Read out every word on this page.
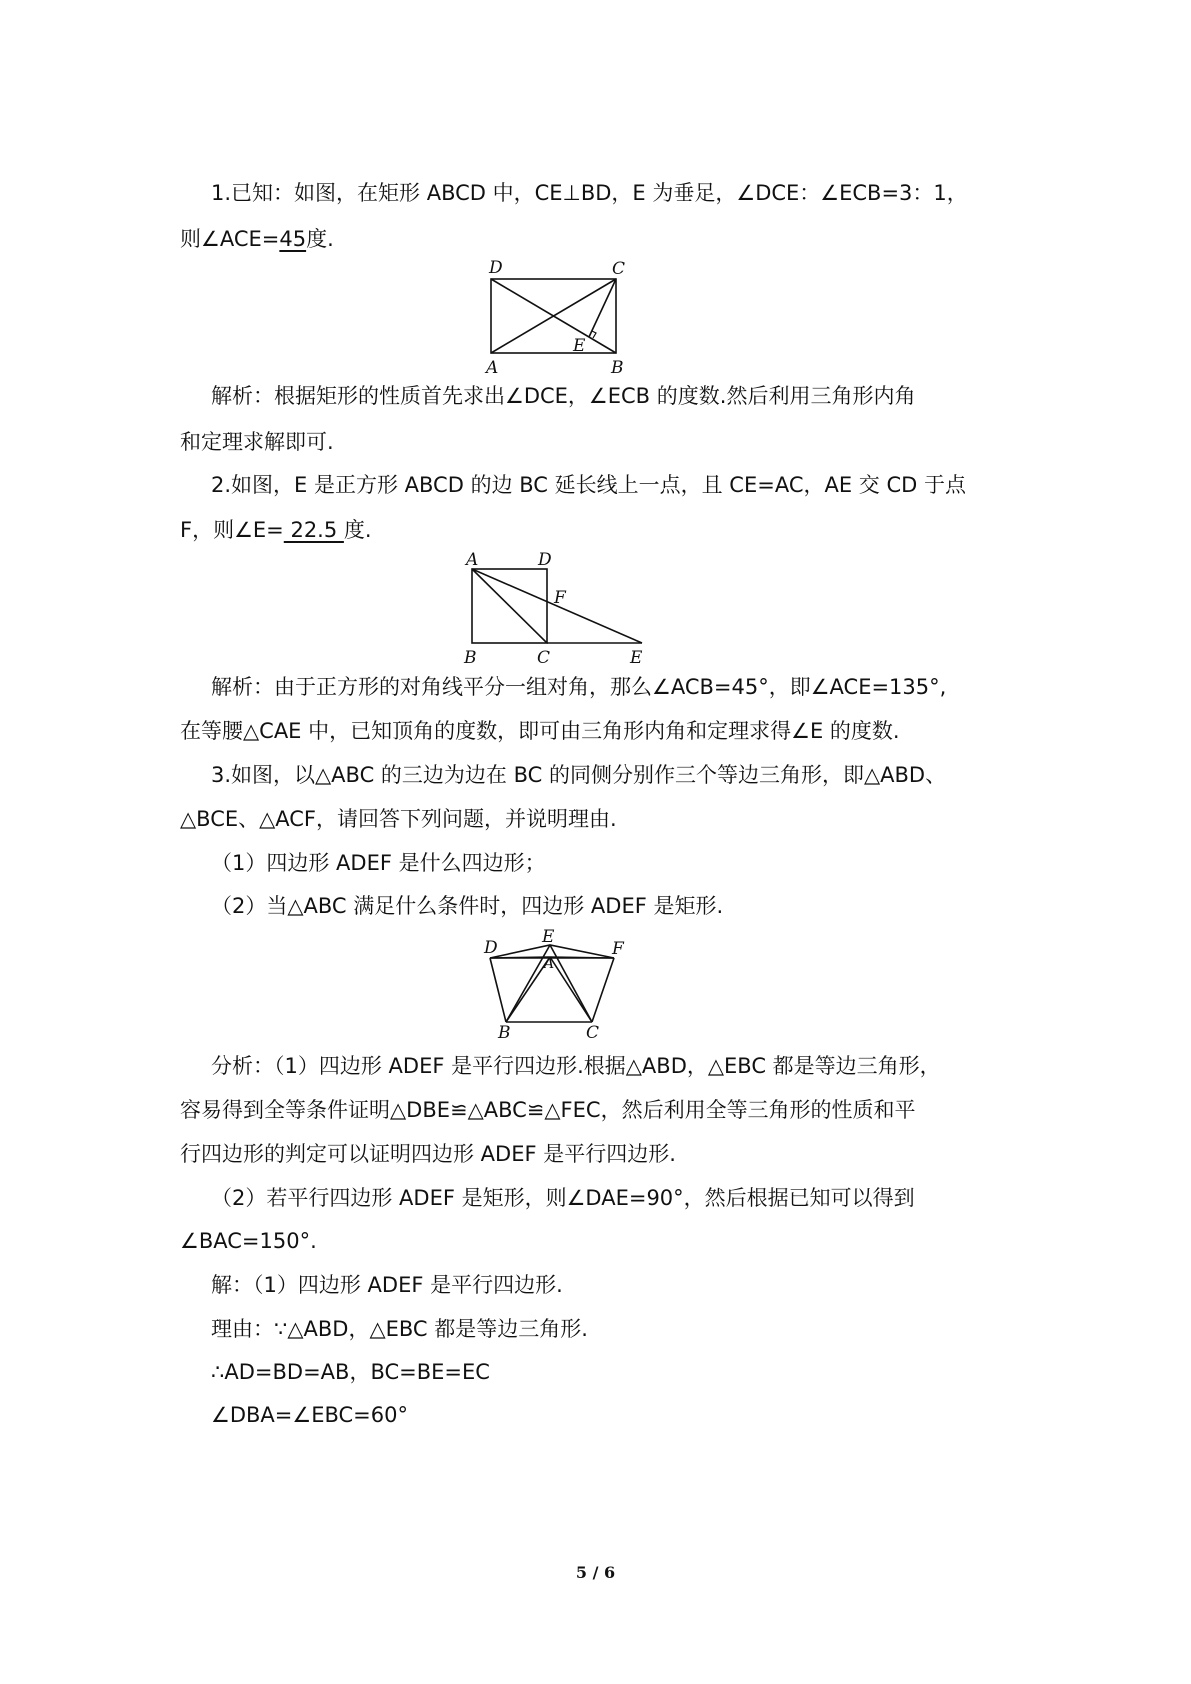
1.已知：如图，在矩形 ABCD 中，CE⊥BD，E 为垂足，∠DCE：∠ECB=3：1，
则∠ACE=45度.
D	C
E
A	B
解析：根据矩形的性质首先求出∠DCE，∠ECB 的度数.然后利用三角形内角
和定理求解即可.
2.如图，E 是正方形 ABCD 的边 BC 延长线上一点，且 CE=AC，AE 交 CD 于点
F，则∠E= 22.5 度.
A	D
F
B	C	E
解析：由于正方形的对角线平分一组对角，那么∠ACB=45°，即∠ACE=135°,
在等腰△CAE 中，已知顶角的度数，即可由三角形内角和定理求得∠E 的度数.
3.如图，以△ABC 的三边为边在 BC 的同侧分别作三个等边三角形，即△ABD、
△BCE、△ACF，请回答下列问题，并说明理由.
（1）四边形 ADEF 是什么四边形；
（2）当△ABC 满足什么条件时，四边形 ADEF 是矩形.
D
E
F
A
B	C
分析：（1）四边形 ADEF 是平行四边形.根据△ABD，△EBC 都是等边三角形，
容易得到全等条件证明△DBE≌△ABC≌△FEC，然后利用全等三角形的性质和平
行四边形的判定可以证明四边形 ADEF 是平行四边形.
（2）若平行四边形 ADEF 是矩形，则∠DAE=90°，然后根据已知可以得到
∠BAC=150°.
解：（1）四边形 ADEF 是平行四边形.
理由：∵△ABD，△EBC 都是等边三角形.
∴AD=BD=AB，BC=BE=EC
∠DBA=∠EBC=60°
5 / 6
